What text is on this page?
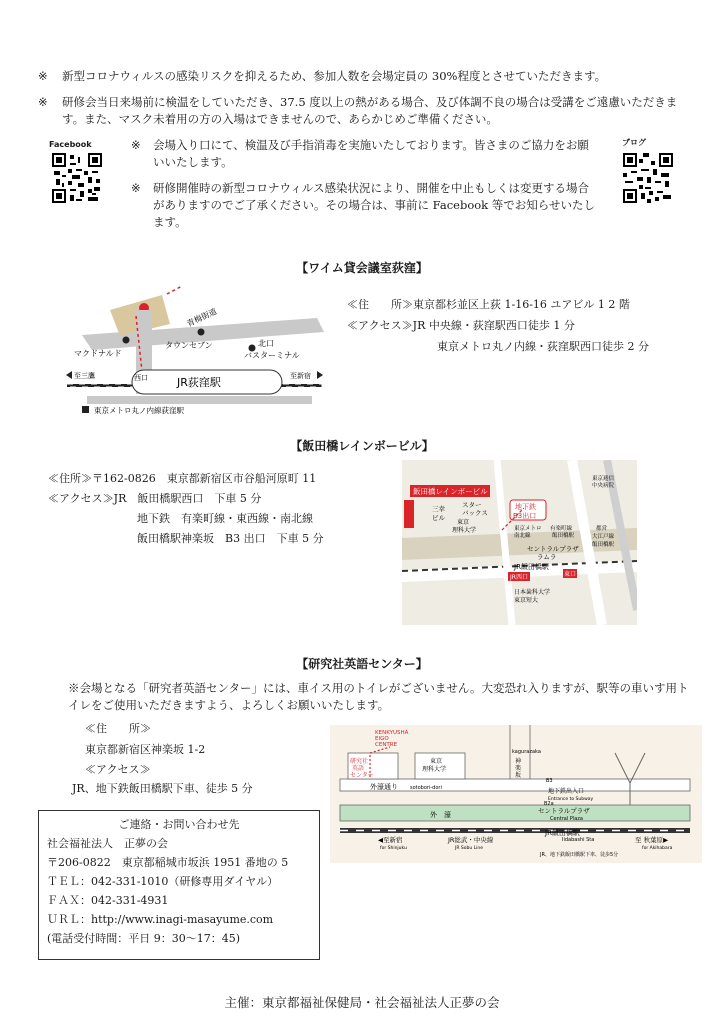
※ 新型コロナウィルスの感染リスクを抑えるため、参加人数を会場定員の 30%程度とさせていただきます。
※ 研修会当日来場前に検温をしていただき、37.5 度以上の熱がある場合、及び体調不良の場合は受講をご遠慮いただきます。また、マスク未着用の方の入場はできませんので、あらかじめご準備ください。
Facebook	ブログ
※ 会場入り口にて、検温及び手指消毒を実施いたしております。皆さまのご協力をお願いいたします。
※ 研修開催時の新型コロナウィルス感染状況により、開催を中止もしくは変更する場合がありますのでご了承ください。その場合は、事前に Facebook 等でお知らせいたします。
【ワイム貸会議室荻窪】
青梅街道
マクドナルド
タウンセブン	北口
バスターミナル
至三鷹	至新宿
西口	JR荻窪駅
東京メトロ丸ノ内線荻窪駅
≪住　　所≫東京都杉並区上荻 1-16-16 ユアビル 1 2 階
≪アクセス≫JR 中央線・荻窪駅西口徒歩 1 分
東京メトロ丸ノ内線・荻窪駅西口徒歩 2 分
【飯田橋レインボービル】
≪住所≫〒162-0826　東京都新宿区市谷船河原町 11
≪アクセス≫JR　飯田橋駅西口　下車 5 分
地下鉄　有楽町線・東西線・南北線
飯田橋駅神楽坂　B3 出口　下車 5 分
飯田橋レインボービル
地下鉄
B3出口
スター
バックス
三幸
ビル
東京
理科大学	東京メトロ
南北線
有楽町線
飯田橋駅
都営
大江戸線
飯田橋駅
東京逓信
中央病院
セントラルプラザ
ラムラ
JR飯田橋駅
JR西口	東口
日本歯科大学
東京短大
【研究社英語センター】
※会場となる「研究者英語センター」には、車イス用のトイレがございません。大変恐れ入りますが、駅等の車いす用トイレをご使用いただきますよう、よろしくお願いいたします。
≪住　　所≫
東京都新宿区神楽坂 1-2
≪アクセス≫
JR、地下鉄飯田橋駅下車、徒歩 5 分
KENKYUSHA
EIGO
CENTRE
研究社
英語
センター
東京
理科大学
kagurazaka
神
楽
坂
外濠通り sotobori-dori
外　濠
B3
B2a
地下鉄出入口
Entrance to Subway
セントラルプラザ
Central Plaza
JR飯田橋駅
Iidabashi Sta
◀至新宿
for Shinjuku
JR総武・中央線
JR Sobu Line
至 秋葉原▶
for Akihabara
JR、地下鉄飯田橋駅下車、徒歩5分
ご連絡・お問い合わせ先
社会福祉法人　正夢の会
〒206-0822　東京都稲城市坂浜 1951 番地の 5
ＴＥＬ：042-331-1010（研修専用ダイヤル）
ＦＡＸ：042-331-4931
ＵＲＬ：http://www.inagi-masayume.com
(電話受付時間：平日 9：30〜17：45)
主催：東京都福祉保健局・社会福祉法人正夢の会
